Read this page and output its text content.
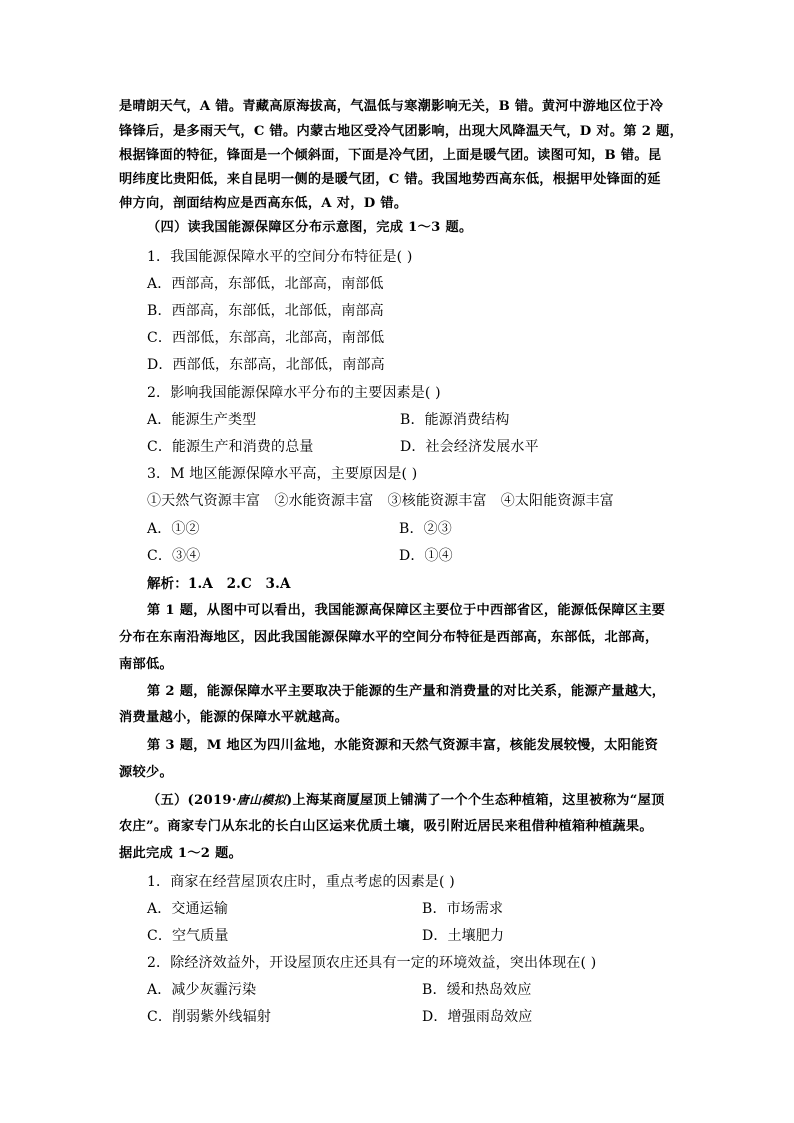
是晴朗天气，A 错。青藏高原海拔高，气温低与寒潮影响无关，B 错。黄河中游地区位于冷
锋锋后，是多雨天气，C 错。内蒙古地区受冷气团影响，出现大风降温天气，D 对。第 2 题，
根据锋面的特征，锋面是一个倾斜面，下面是冷气团，上面是暖气团。读图可知，B 错。昆
明纬度比贵阳低，来自昆明一侧的是暖气团，C 错。我国地势西高东低，根据甲处锋面的延
伸方向，剖面结构应是西高东低，A 对，D 错。
（四）读我国能源保障区分布示意图，完成 1～3 题。
1．我国能源保障水平的空间分布特征是( )
A．西部高，东部低，北部高，南部低
B．西部高，东部低，北部低，南部高
C．西部低，东部高，北部高，南部低
D．西部低，东部高，北部低，南部高
2．影响我国能源保障水平分布的主要因素是( )
A．能源生产类型	B．能源消费结构
C．能源生产和消费的总量	D．社会经济发展水平
3．M 地区能源保障水平高，主要原因是( )
①天然气资源丰富　②水能资源丰富　③核能资源丰富　④太阳能资源丰富
A．①②	B．②③
C．③④	D．①④
解析：1.A　2.C　3.A
第 1 题，从图中可以看出，我国能源高保障区主要位于中西部省区，能源低保障区主要
分布在东南沿海地区，因此我国能源保障水平的空间分布特征是西部高，东部低，北部高，
南部低。
第 2 题，能源保障水平主要取决于能源的生产量和消费量的对比关系，能源产量越大，
消费量越小，能源的保障水平就越高。
第 3 题，M 地区为四川盆地，水能资源和天然气资源丰富，核能发展较慢，太阳能资
源较少。
（五）(2019·唐山模拟)上海某商厦屋顶上铺满了一个个生态种植箱，这里被称为“屋顶
农庄”。商家专门从东北的长白山区运来优质土壤，吸引附近居民来租借种植箱种植蔬果。
据此完成 1～2 题。
1．商家在经营屋顶农庄时，重点考虑的因素是( )
A．交通运输	B．市场需求
C．空气质量	D．土壤肥力
2．除经济效益外，开设屋顶农庄还具有一定的环境效益，突出体现在( )
A．减少灰霾污染	B．缓和热岛效应
C．削弱紫外线辐射	D．增强雨岛效应
